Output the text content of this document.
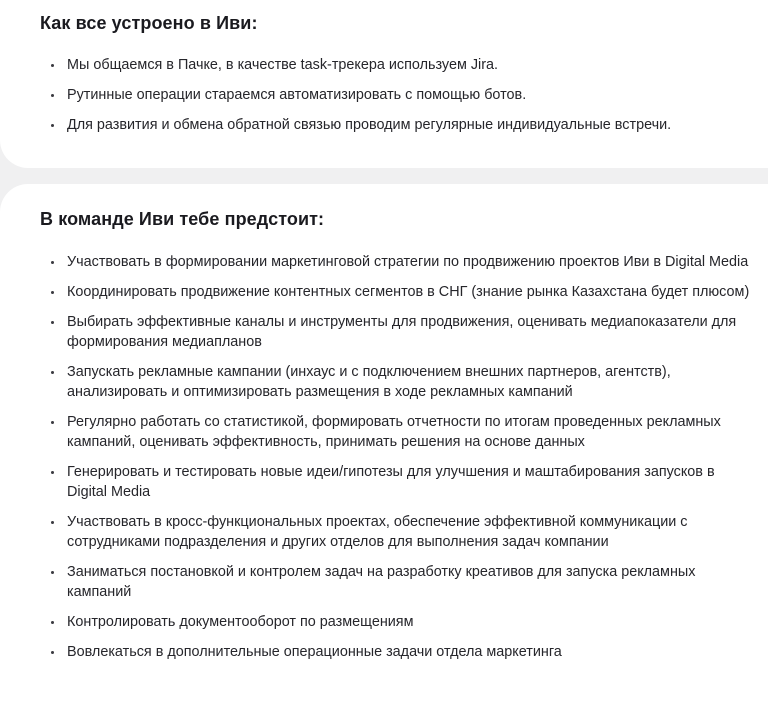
Как все устроено в Иви:
Мы общаемся в Пачке, в качестве task-трекера используем Jira.
Рутинные операции стараемся автоматизировать с помощью ботов.
Для развития и обмена обратной связью проводим регулярные индивидуальные встречи.
В команде Иви тебе предстоит:
Участвовать в формировании маркетинговой стратегии по продвижению проектов Иви в Digital Media
Координировать продвижение контентных сегментов в СНГ (знание рынка Казахстана будет плюсом)
Выбирать эффективные каналы и инструменты для продвижения, оценивать медиапоказатели для формирования медиапланов
Запускать рекламные кампании (инхаус и с подключением внешних партнеров, агентств), анализировать и оптимизировать размещения в ходе рекламных кампаний
Регулярно работать со статистикой, формировать отчетности по итогам проведенных рекламных кампаний, оценивать эффективность, принимать решения на основе данных
Генерировать и тестировать новые идеи/гипотезы для улучшения и маштабирования запусков в Digital Media
Участвовать в кросс-функциональных проектах, обеспечение эффективной коммуникации с сотрудниками подразделения и других отделов для выполнения задач компании
Заниматься постановкой и контролем задач на разработку креативов для запуска рекламных кампаний
Контролировать документооборот по размещениям
Вовлекаться в дополнительные операционные задачи отдела маркетинга
